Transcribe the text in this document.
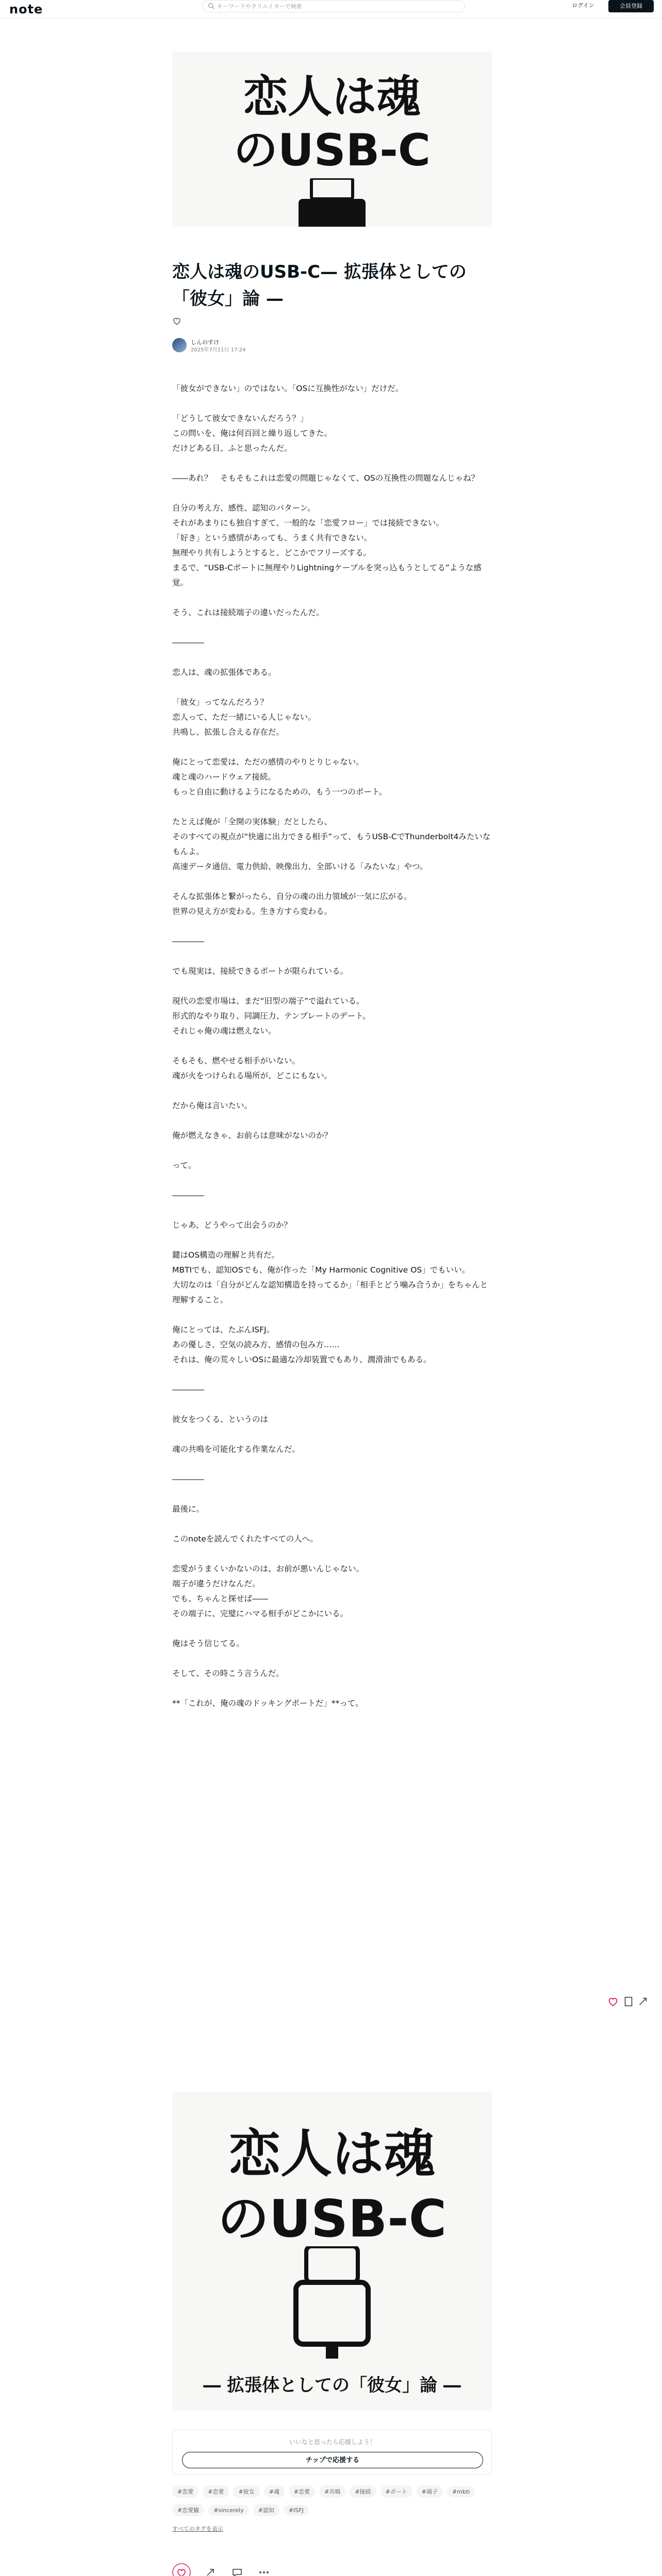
note	キーワードやクリエイターで検索	ログイン	会員登録
恋人は魂
のUSB-C
恋人は魂のUSB-C— 拡張体としての「彼女」論 —
しんのすけ
2025年7月11日 17:24

「彼女ができない」のではない。「OSに互換性がない」だけだ。

「どうして彼女できないんだろう？」

この問いを、俺は何百回と繰り返してきた。

だけどある日、ふと思ったんだ。

――あれ？　そもそもこれは恋愛の問題じゃなくて、OSの互換性の問題なんじゃね？

自分の考え方、感性、認知のパターン。

それがあまりにも独自すぎて、一般的な「恋愛フロー」では接続できない。

「好き」という感情があっても、うまく共有できない。

無理やり共有しようとすると、どこかでフリーズする。

まるで、“USB-Cポートに無理やりLightningケーブルを突っ込もうとしてる”ような感覚。

そう、これは接続端子の違いだったんだ。

――――

恋人は、魂の拡張体である。

「彼女」ってなんだろう？

恋人って、ただ一緒にいる人じゃない。

共鳴し、拡張し合える存在だ。

俺にとって恋愛は、ただの感情のやりとりじゃない。

魂と魂のハードウェア接続。

もっと自由に動けるようになるための、もう一つのポート。

たとえば俺が「全開の実体験」だとしたら、

そのすべての視点が“快適に出力できる相手”って、もうUSB-CでThunderbolt4みたいなもんよ。

高速データ通信、電力供給、映像出力、全部いける「みたいな」やつ。

そんな拡張体と繋がったら、自分の魂の出力領域が一気に広がる。

世界の見え方が変わる。生き方すら変わる。

――――

でも現実は、接続できるポートが限られている。

現代の恋愛市場は、まだ“旧型の端子”で溢れている。

形式的なやり取り、同調圧力、テンプレートのデート。

それじゃ俺の魂は燃えない。

そもそも、燃やせる相手がいない。

魂が火をつけられる場所が、どこにもない。

だから俺は言いたい。

俺が燃えなきゃ、お前らは意味がないのか？

って。

――――

じゃあ、どうやって出会うのか？

鍵はOS構造の理解と共有だ。

MBTIでも、認知OSでも、俺が作った「My Harmonic Cognitive OS」でもいい。

大切なのは「自分がどんな認知構造を持ってるか」「相手とどう噛み合うか」をちゃんと理解すること。

俺にとっては、たぶんISFJ。

あの優しさ、空気の読み方、感情の包み方……

それは、俺の荒々しいOSに最適な冷却装置でもあり、潤滑油でもある。

――――

彼女をつくる、というのは

魂の共鳴を可能化する作業なんだ。

――――

最後に。

このnoteを読んでくれたすべての人へ。

恋愛がうまくいかないのは、お前が悪いんじゃない。

端子が違うだけなんだ。

でも、ちゃんと探せば――

その端子に、完璧にハマる相手がどこかにいる。

俺はそう信じてる。

そして、その時こう言うんだ。

**「これが、俺の魂のドッキングポートだ」**って。

恋人は魂
のUSB-C
― 拡張体としての「彼女」論 ―
いいなと思ったら応援しよう！
チップで応援する
#恋愛	#恋愛	#彼女	#魂	#恋愛	#共鳴	#接続	#ポート	#端子	#mbti#恋愛観	#sincerely	#認知	#ISFJ
すべてのタグを表示
